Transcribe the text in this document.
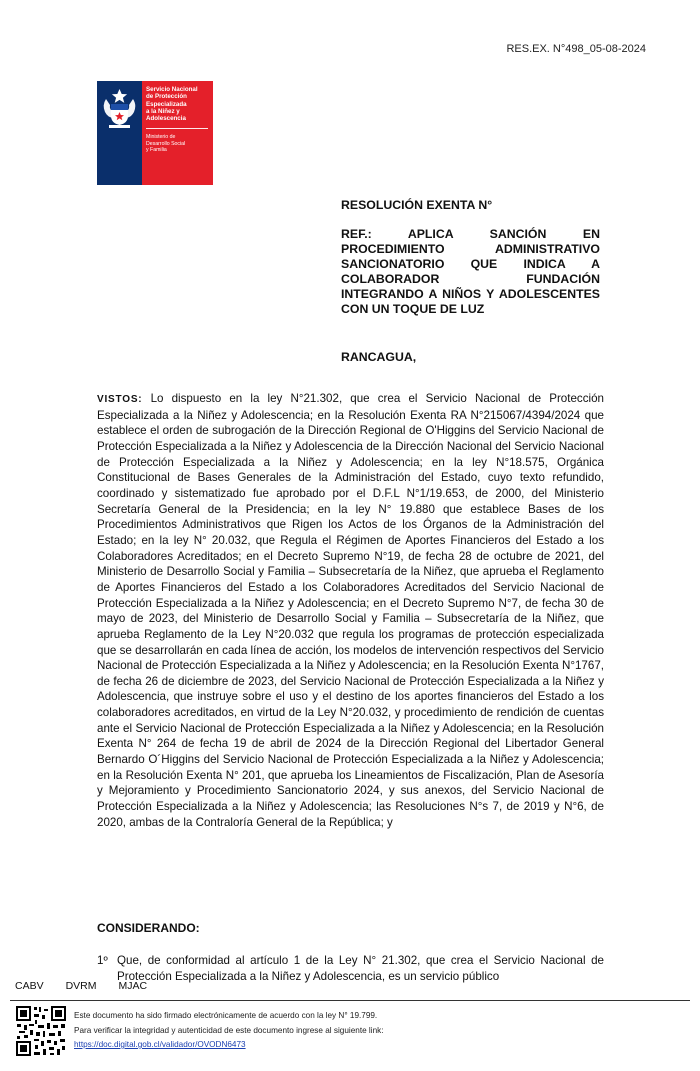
RES.EX. N°498_05-08-2024
Servicio Nacional
de Protección
Especializada
a la Niñez y
Adolescencia
Ministerio de
Desarrollo Social
y Familia
RESOLUCIÓN EXENTA N°
REF.: APLICA SANCIÓN EN PROCEDIMIENTO ADMINISTRATIVO SANCIONATORIO QUE INDICA A COLABORADOR FUNDACIÓN INTEGRANDO A NIÑOS Y ADOLESCENTES CON UN TOQUE DE LUZ
RANCAGUA,
VISTOS: Lo dispuesto en la ley N°21.302, que crea el Servicio Nacional de Protección Especializada a la Niñez y Adolescencia; en la Resolución Exenta RA N°215067/4394/2024 que establece el orden de subrogación de la Dirección Regional de O'Higgins del Servicio Nacional de Protección Especializada a la Niñez y Adolescencia de la Dirección Nacional del Servicio Nacional de Protección Especializada a la Niñez y Adolescencia; en la ley N°18.575, Orgánica Constitucional de Bases Generales de la Administración del Estado, cuyo texto refundido, coordinado y sistematizado fue aprobado por el D.F.L N°1/19.653, de 2000, del Ministerio Secretaría General de la Presidencia; en la ley N° 19.880 que establece Bases de los Procedimientos Administrativos que Rigen los Actos de los Órganos de la Administración del Estado; en la ley N° 20.032, que Regula el Régimen de Aportes Financieros del Estado a los Colaboradores Acreditados; en el Decreto Supremo N°19, de fecha 28 de octubre de 2021, del Ministerio de Desarrollo Social y Familia – Subsecretaría de la Niñez, que aprueba el Reglamento de Aportes Financieros del Estado a los Colaboradores Acreditados del Servicio Nacional de Protección Especializada a la Niñez y Adolescencia; en el Decreto Supremo N°7, de fecha 30 de mayo de 2023, del Ministerio de Desarrollo Social y Familia – Subsecretaría de la Niñez, que aprueba Reglamento de la Ley N°20.032 que regula los programas de protección especializada que se desarrollarán en cada línea de acción, los modelos de intervención respectivos del Servicio Nacional de Protección Especializada a la Niñez y Adolescencia; en la Resolución Exenta N°1767, de fecha 26 de diciembre de 2023, del Servicio Nacional de Protección Especializada a la Niñez y Adolescencia, que instruye sobre el uso y el destino de los aportes financieros del Estado a los colaboradores acreditados, en virtud de la Ley N°20.032, y procedimiento de rendición de cuentas ante el Servicio Nacional de Protección Especializada a la Niñez y Adolescencia; en la Resolución Exenta N° 264 de fecha 19 de abril de 2024 de la Dirección Regional del Libertador General Bernardo O´Higgins del Servicio Nacional de Protección Especializada a la Niñez y Adolescencia; en la Resolución Exenta N° 201, que aprueba los Lineamientos de Fiscalización, Plan de Asesoría y Mejoramiento y Procedimiento Sancionatorio 2024, y sus anexos, del Servicio Nacional de Protección Especializada a la Niñez y Adolescencia; las Resoluciones N°s 7, de 2019 y N°6, de 2020, ambas de la Contraloría General de la República; y
CONSIDERANDO:
1º Que, de conformidad al artículo 1 de la Ley N° 21.302, que crea el Servicio Nacional de Protección Especializada a la Niñez y Adolescencia, es un servicio público
CABV DVRM MJAC
Este documento ha sido firmado electrónicamente de acuerdo con la ley N° 19.799.
Para verificar la integridad y autenticidad de este documento ingrese al siguiente link:
https://doc.digital.gob.cl/validador/OVODN6473
